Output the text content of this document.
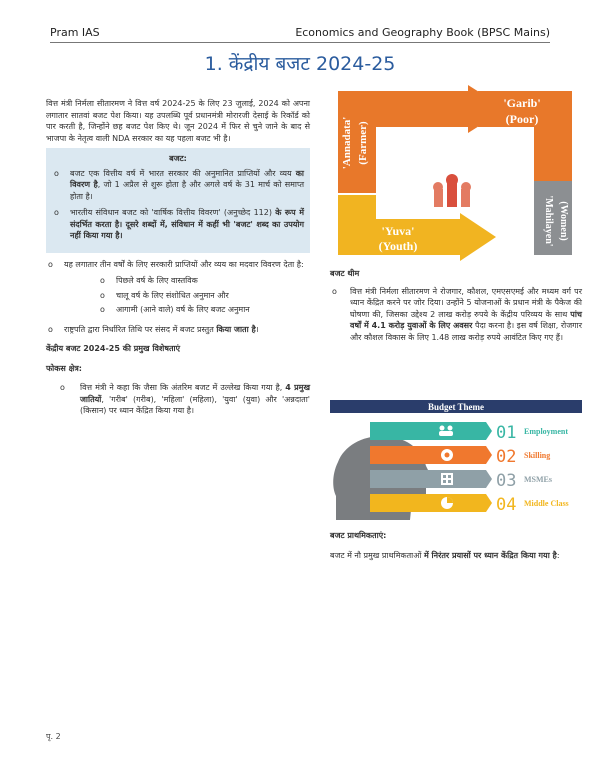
Pram IAS	Economics and Geography Book (BPSC Mains)
1. केंद्रीय बजट 2024-25

वित्त मंत्री निर्मला सीतारमण ने वित्त वर्ष 2024-25 के लिए 23 जुलाई, 2024 को अपना लगातार सातवां बजट पेश किया। यह उपलब्धि पूर्व प्रधानमंत्री मोरारजी देसाई के रिकॉर्ड को पार करती है, जिन्होंने छह बजट पेश किए थे। जून 2024 में फिर से चुने जाने के बाद से भाजपा के नेतृत्व वाली NDA सरकार का यह पहला बजट भी है।

बजट:

o बजट एक वित्तीय वर्ष में भारत सरकार की अनुमानित प्राप्तियों और व्यय का विवरण है, जो 1 अप्रैल से शुरू होता है और अगले वर्ष के 31 मार्च को समाप्त होता है।

o भारतीय संविधान बजट को 'वार्षिक वित्तीय विवरण' (अनुच्छेद 112) के रूप में संदर्भित करता है। दूसरे शब्दों में, संविधान में कहीं भी 'बजट' शब्द का उपयोग नहीं किया गया है।

o यह लगातार तीन वर्षों के लिए सरकारी प्राप्तियों और व्यय का मदवार विवरण देता है:

o पिछले वर्ष के लिए वास्तविक

o चालू वर्ष के लिए संशोधित अनुमान और

o आगामी (आने वाले) वर्ष के लिए बजट अनुमान

o राष्ट्रपति द्वारा निर्धारित तिथि पर संसद में बजट प्रस्तुत किया जाता है।

केंद्रीय बजट 2024-25 की प्रमुख विशेषताएं

फोकस क्षेत्र:

o वित्त मंत्री ने कहा कि जैसा कि अंतरिम बजट में उल्लेख किया गया है, 4 प्रमुख जातियों, 'गरीब' (गरीब), 'महिला' (महिला), 'युवा' (युवा) और 'अन्नदाता' (किसान) पर ध्यान केंद्रित किया गया है।

'Annadata' (Farmer)
'Garib'
(Poor)
'Mahilayen' (Women)
'Yuva'
(Youth)

बजट थीम

o वित्त मंत्री निर्मला सीतारमण ने रोजगार, कौशल, एमएसएमई और मध्यम वर्ग पर ध्यान केंद्रित करने पर जोर दिया। उन्होंने 5 योजनाओं के प्रधान मंत्री के पैकेज की घोषणा की, जिसका उद्देश्य 2 लाख करोड़ रुपये के केंद्रीय परिव्यय के साथ पांच वर्षों में 4.1 करोड़ युवाओं के लिए अवसर पैदा करना है। इस वर्ष शिक्षा, रोजगार और कौशल विकास के लिए 1.48 लाख करोड़ रुपये आवंटित किए गए हैं।

Budget Theme
01
02
03
04
Employment
Skilling
MSMEs
Middle Class

बजट प्राथमिकताएं:

बजट में नौ प्रमुख प्राथमिकताओं में निरंतर प्रयासों पर ध्यान केंद्रित किया गया है:

पृ. 2
